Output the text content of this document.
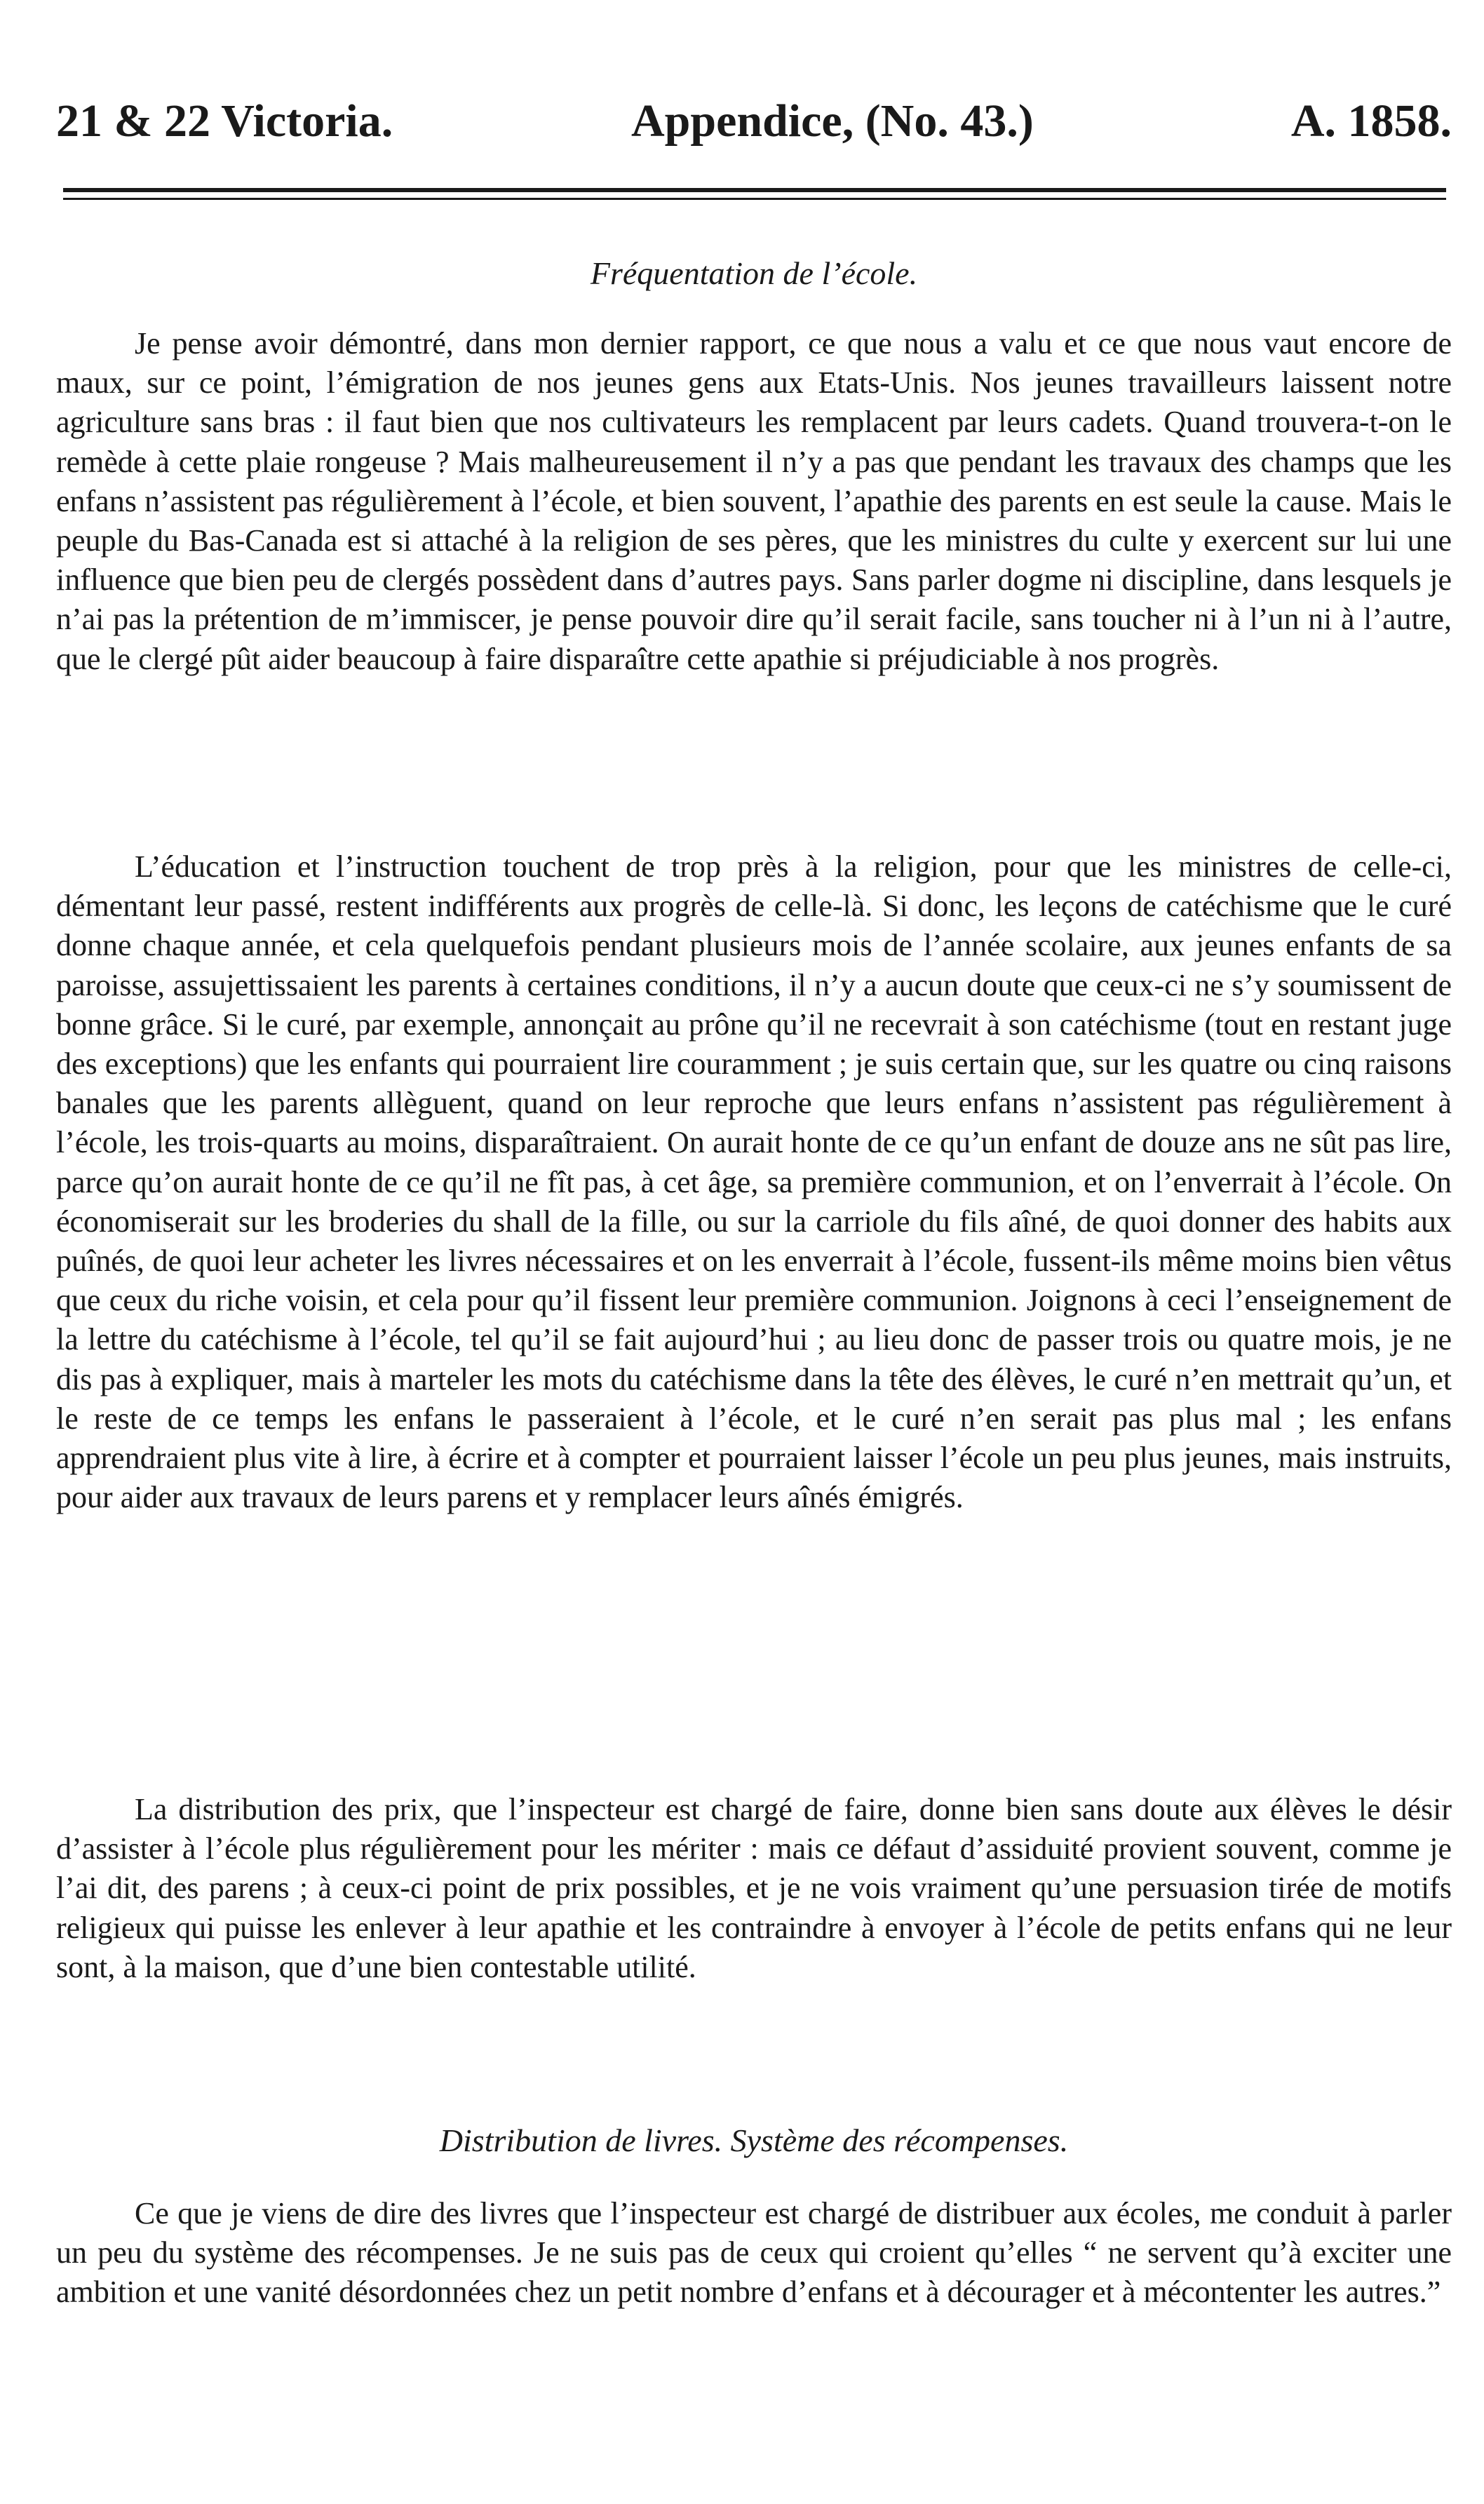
21 & 22 Victoria.	Appendice, (No. 43.)	A. 1858.
Fréquentation de l’école.

Je pense avoir démontré, dans mon dernier rapport, ce que nous a valu et ce que nous vaut encore de maux, sur ce point, l’émigration de nos jeunes gens aux Etats-Unis. Nos jeunes travailleurs laissent notre agriculture sans bras : il faut bien que nos cultivateurs les remplacent par leurs cadets. Quand trouvera-t-on le remède à cette plaie rongeuse ? Mais malheureusement il n’y a pas que pendant les travaux des champs que les enfans n’assistent pas régulièrement à l’école, et bien souvent, l’apathie des parents en est seule la cause. Mais le peuple du Bas-Canada est si attaché à la religion de ses pères, que les ministres du culte y exercent sur lui une influence que bien peu de clergés possèdent dans d’autres pays. Sans parler dogme ni discipline, dans lesquels je n’ai pas la prétention de m’immiscer, je pense pouvoir dire qu’il serait facile, sans toucher ni à l’un ni à l’autre, que le clergé pût aider beaucoup à faire disparaître cette apathie si préjudiciable à nos progrès.

L’éducation et l’instruction touchent de trop près à la religion, pour que les ministres de celle-ci, démentant leur passé, restent indifférents aux progrès de celle-là. Si donc, les leçons de catéchisme que le curé donne chaque année, et cela quelquefois pendant plusieurs mois de l’année scolaire, aux jeunes enfants de sa paroisse, assujettissaient les parents à certaines conditions, il n’y a aucun doute que ceux-ci ne s’y soumissent de bonne grâce. Si le curé, par exemple, annonçait au prône qu’il ne recevrait à son catéchisme (tout en restant juge des exceptions) que les enfants qui pourraient lire couramment ; je suis certain que, sur les quatre ou cinq raisons banales que les parents allèguent, quand on leur reproche que leurs enfans n’assistent pas régulièrement à l’école, les trois-quarts au moins, disparaîtraient. On aurait honte de ce qu’un enfant de douze ans ne sût pas lire, parce qu’on aurait honte de ce qu’il ne fît pas, à cet âge, sa première communion, et on l’enverrait à l’école. On économiserait sur les broderies du shall de la fille, ou sur la carriole du fils aîné, de quoi donner des habits aux puînés, de quoi leur acheter les livres nécessaires et on les enverrait à l’école, fussent-ils même moins bien vêtus que ceux du riche voisin, et cela pour qu’il fissent leur première communion. Joignons à ceci l’enseignement de la lettre du catéchisme à l’école, tel qu’il se fait aujourd’hui ; au lieu donc de passer trois ou quatre mois, je ne dis pas à expliquer, mais à marteler les mots du catéchisme dans la tête des élèves, le curé n’en mettrait qu’un, et le reste de ce temps les enfans le passeraient à l’école, et le curé n’en serait pas plus mal ; les enfans apprendraient plus vite à lire, à écrire et à compter et pourraient laisser l’école un peu plus jeunes, mais instruits, pour aider aux travaux de leurs parens et y remplacer leurs aînés émigrés.

La distribution des prix, que l’inspecteur est chargé de faire, donne bien sans doute aux élèves le désir d’assister à l’école plus régulièrement pour les mériter : mais ce défaut d’assiduité provient souvent, comme je l’ai dit, des parens ; à ceux-ci point de prix possibles, et je ne vois vraiment qu’une persuasion tirée de motifs religieux qui puisse les enlever à leur apathie et les contraindre à envoyer à l’école de petits enfans qui ne leur sont, à la maison, que d’une bien contestable utilité.

Distribution de livres. Système des récompenses.

Ce que je viens de dire des livres que l’inspecteur est chargé de distribuer aux écoles, me conduit à parler un peu du système des récompenses. Je ne suis pas de ceux qui croient qu’elles “ ne servent qu’à exciter une ambition et une vanité désordonnées chez un petit nombre d’enfans et à décourager et à mécontenter les autres.”
